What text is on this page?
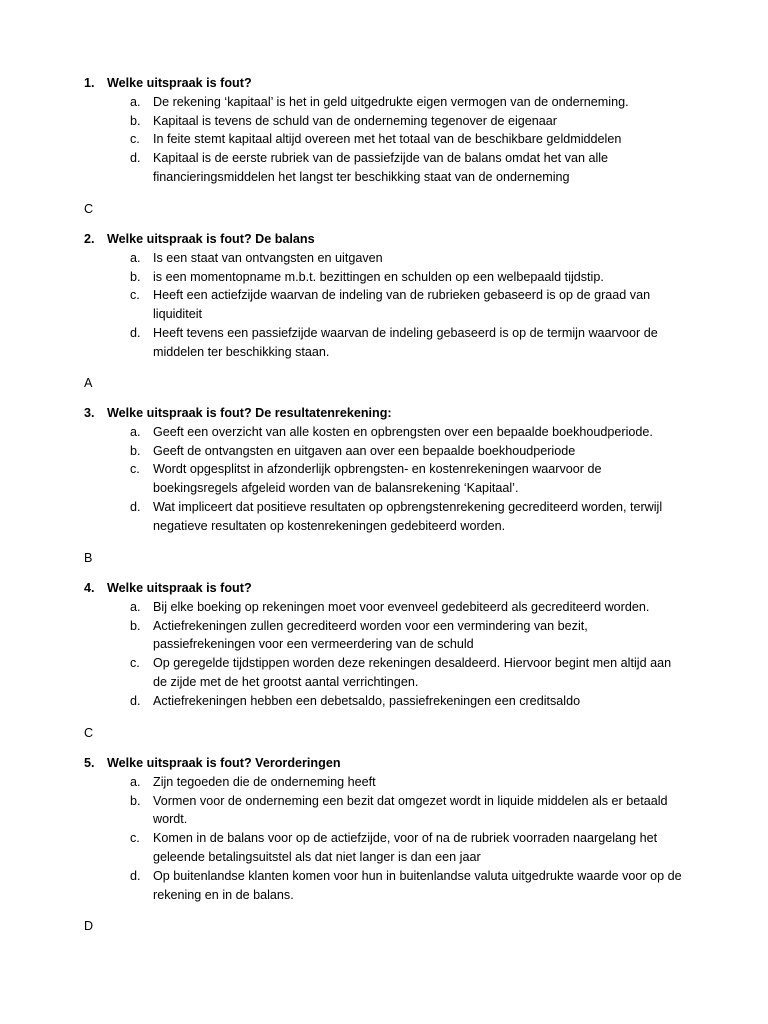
1. Welke uitspraak is fout?
a. De rekening ‘kapitaal’ is het in geld uitgedrukte eigen vermogen van de onderneming.
b. Kapitaal is tevens de schuld van de onderneming tegenover de eigenaar
c. In feite stemt kapitaal altijd overeen met het totaal van de beschikbare geldmiddelen
d. Kapitaal is de eerste rubriek van de passiefzijde van de balans omdat het van alle financieringsmiddelen het langst ter beschikking staat van de onderneming
C
2. Welke uitspraak is fout? De balans
a. Is een staat van ontvangsten en uitgaven
b. is een momentopname m.b.t. bezittingen en schulden op een welbepaald tijdstip.
c. Heeft een actiefzijde waarvan de indeling van de rubrieken gebaseerd is op de graad van liquiditeit
d. Heeft tevens een passiefzijde waarvan de indeling gebaseerd is op de termijn waarvoor de middelen ter beschikking staan.
A
3. Welke uitspraak is fout? De resultatenrekening:
a. Geeft een overzicht van alle kosten en opbrengsten over een bepaalde boekhoudperiode.
b. Geeft de ontvangsten en uitgaven aan over een bepaalde boekhoudperiode
c. Wordt opgesplitst in afzonderlijk opbrengsten- en kostenrekeningen waarvoor de boekingsregels afgeleid worden van de balansrekening ‘Kapitaal’.
d. Wat impliceert dat positieve resultaten op opbrengstenrekening gecrediteerd worden, terwijl negatieve resultaten op kostenrekeningen gedebiteerd worden.
B
4. Welke uitspraak is fout?
a. Bij elke boeking op rekeningen moet voor evenveel gedebiteerd als gecrediteerd worden.
b. Actiefrekeningen zullen gecrediteerd worden voor een vermindering van bezit, passiefrekeningen voor een vermeerdering van de schuld
c. Op geregelde tijdstippen worden deze rekeningen desaldeerd. Hiervoor begint men altijd aan de zijde met de het grootst aantal verrichtingen.
d. Actiefrekeningen hebben een debetsaldo, passiefrekeningen een creditsaldo
C
5. Welke uitspraak is fout? Verorderingen
a. Zijn tegoeden die de onderneming heeft
b. Vormen voor de onderneming een bezit dat omgezet wordt in liquide middelen als er betaald wordt.
c. Komen in de balans voor op de actiefzijde, voor of na de rubriek voorraden naargelang het geleende betalingsuitstel als dat niet langer is dan een jaar
d. Op buitenlandse klanten komen voor hun in buitenlandse valuta uitgedrukte waarde voor op de rekening en in de balans.
D
